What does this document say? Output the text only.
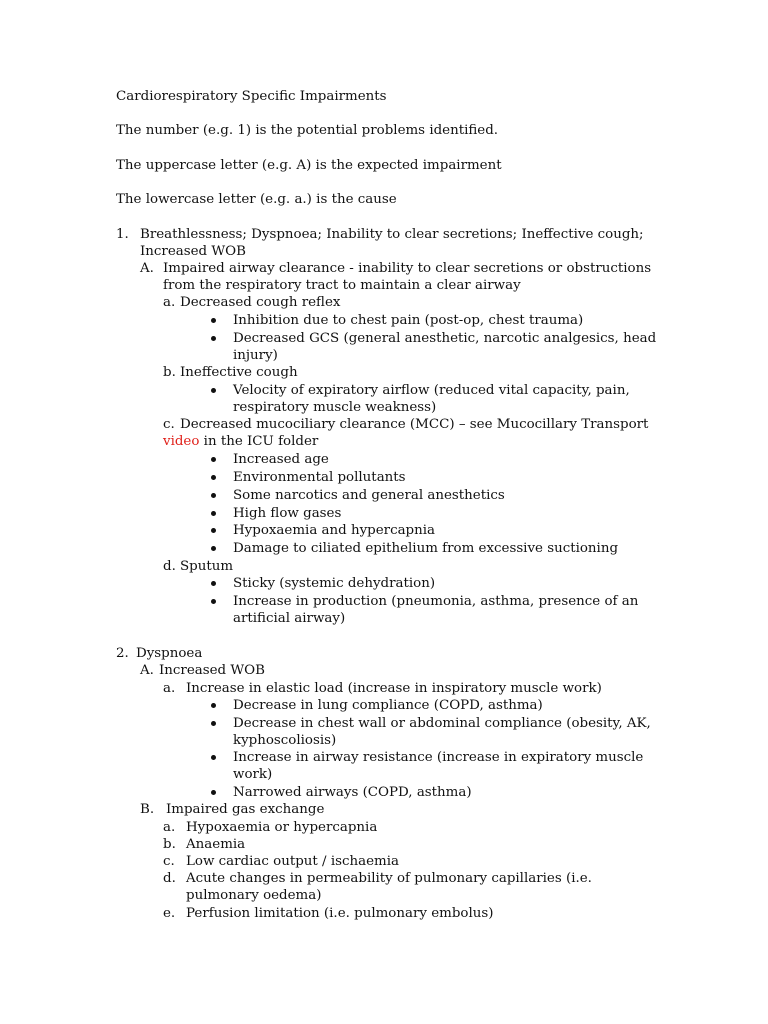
Cardiorespiratory Specific Impairments
The number (e.g. 1) is the potential problems identified.
The uppercase letter (e.g. A) is the expected impairment
The lowercase letter (e.g. a.) is the cause
1. Breathlessness; Dyspnoea; Inability to clear secretions; Ineffective cough;
Increased WOB
A. Impaired airway clearance - inability to clear secretions or obstructions
from the respiratory tract to maintain a clear airway
a. Decreased cough reflex
Inhibition due to chest pain (post-op, chest trauma)
Decreased GCS (general anesthetic, narcotic analgesics, head
injury)
b. Ineffective cough
Velocity of expiratory airflow (reduced vital capacity, pain,
respiratory muscle weakness)
c. Decreased mucociliary clearance (MCC) – see Mucocillary Transport
video in the ICU folder
Increased age
Environmental pollutants
Some narcotics and general anesthetics
High flow gases
Hypoxaemia and hypercapnia
Damage to ciliated epithelium from excessive suctioning
d. Sputum
Sticky (systemic dehydration)
Increase in production (pneumonia, asthma, presence of an
artificial airway)
2. Dyspnoea
A. Increased WOB
a. Increase in elastic load (increase in inspiratory muscle work)
Decrease in lung compliance (COPD, asthma)
Decrease in chest wall or abdominal compliance (obesity, AK,
kyphoscoliosis)
Increase in airway resistance (increase in expiratory muscle
work)
Narrowed airways (COPD, asthma)
B. Impaired gas exchange
a. Hypoxaemia or hypercapnia
b. Anaemia
c. Low cardiac output / ischaemia
d. Acute changes in permeability of pulmonary capillaries (i.e.
pulmonary oedema)
e. Perfusion limitation (i.e. pulmonary embolus)
